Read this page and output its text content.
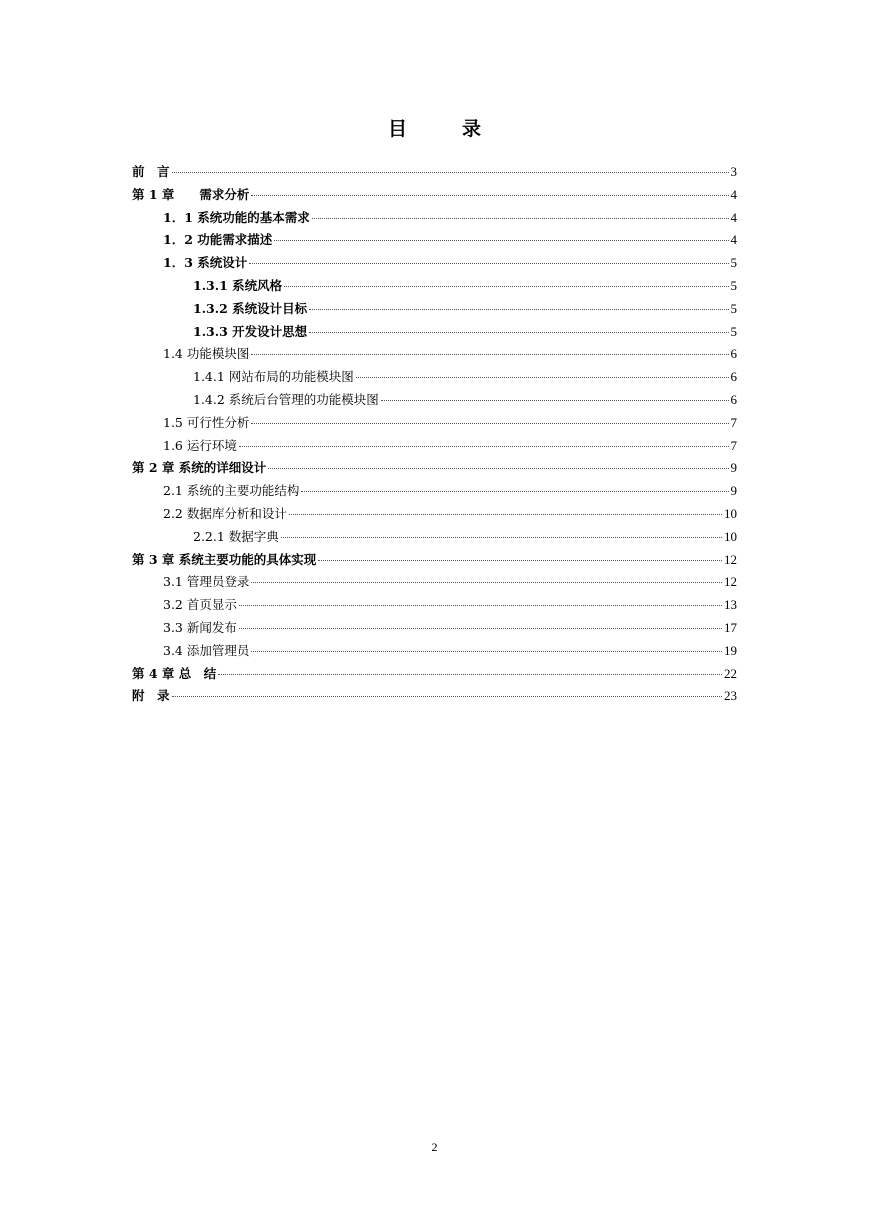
目　录
前　言	3
第 1 章　　需求分析	4
1．1 系统功能的基本需求	4
1．2 功能需求描述	4
1．3 系统设计	5
1.3.1 系统风格	5
1.3.2 系统设计目标	5
1.3.3 开发设计思想	5
1.4 功能模块图	6
1.4.1 网站布局的功能模块图	6
1.4.2 系统后台管理的功能模块图	6
1.5 可行性分析	7
1.6 运行环境	7
第 2 章 系统的详细设计	9
2.1 系统的主要功能结构	9
2.2 数据库分析和设计	10
2.2.1 数据字典	10
第 3 章 系统主要功能的具体实现	12
3.1 管理员登录	12
3.2 首页显示	13
3.3 新闻发布	17
3.4 添加管理员	19
第 4 章 总　结	22
附　录	23
2
